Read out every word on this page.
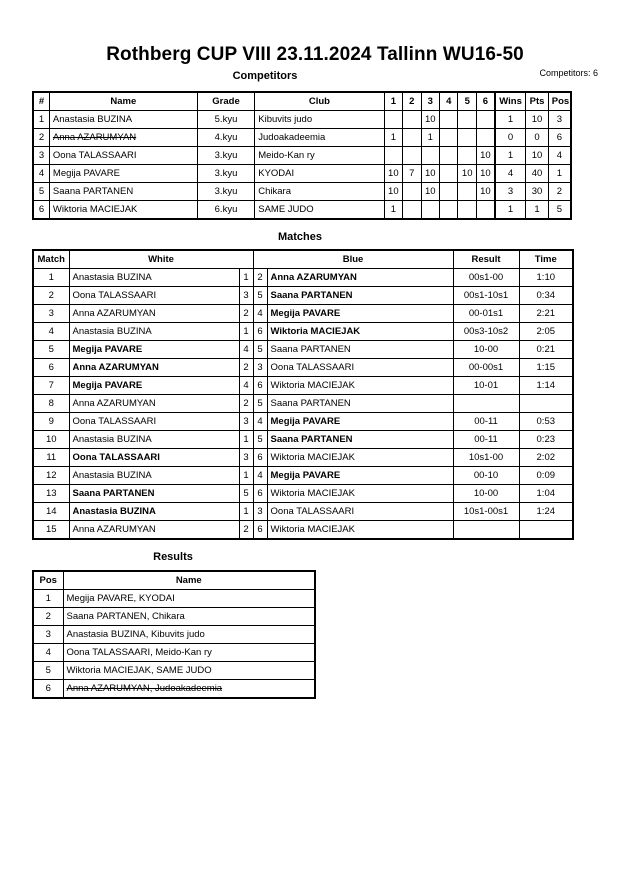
Rothberg CUP VIII 23.11.2024 Tallinn WU16-50
Competitors	Competitors: 6
#	Name	Grade	Club	1	2	3	4	5	6	Wins	Pts	Pos
1	Anastasia BUZINA	5.kyu	Kibuvits judo			10				1	10	3
2	Anna AZARUMYAN	4.kyu	Judoakadeemia	1		1				0	0	6
3	Oona TALASSAARI	3.kyu	Meido-Kan ry						10	1	10	4
4	Megija PAVARE	3.kyu	KYODAI	10	7	10		10	10	4	40	1
5	Saana PARTANEN	3.kyu	Chikara	10		10			10	3	30	2
6	Wiktoria MACIEJAK	6.kyu	SAME JUDO	1						1	1	5
Matches
Match	White		Blue		Result	Time
1	Anastasia BUZINA	1	2	Anna AZARUMYAN	00s1-00	1:10
2	Oona TALASSAARI	3	5	Saana PARTANEN	00s1-10s1	0:34
3	Anna AZARUMYAN	2	4	Megija PAVARE	00-01s1	2:21
4	Anastasia BUZINA	1	6	Wiktoria MACIEJAK	00s3-10s2	2:05
5	Megija PAVARE	4	5	Saana PARTANEN	10-00	0:21
6	Anna AZARUMYAN	2	3	Oona TALASSAARI	00-00s1	1:15
7	Megija PAVARE	4	6	Wiktoria MACIEJAK	10-01	1:14
8	Anna AZARUMYAN	2	5	Saana PARTANEN		
9	Oona TALASSAARI	3	4	Megija PAVARE	00-11	0:53
10	Anastasia BUZINA	1	5	Saana PARTANEN	00-11	0:23
11	Oona TALASSAARI	3	6	Wiktoria MACIEJAK	10s1-00	2:02
12	Anastasia BUZINA	1	4	Megija PAVARE	00-10	0:09
13	Saana PARTANEN	5	6	Wiktoria MACIEJAK	10-00	1:04
14	Anastasia BUZINA	1	3	Oona TALASSAARI	10s1-00s1	1:24
15	Anna AZARUMYAN	2	6	Wiktoria MACIEJAK		
Results
Pos	Name
1	Megija PAVARE, KYODAI
2	Saana PARTANEN, Chikara
3	Anastasia BUZINA, Kibuvits judo
4	Oona TALASSAARI, Meido-Kan ry
5	Wiktoria MACIEJAK, SAME JUDO
6	Anna AZARUMYAN, Judoakadeemia
